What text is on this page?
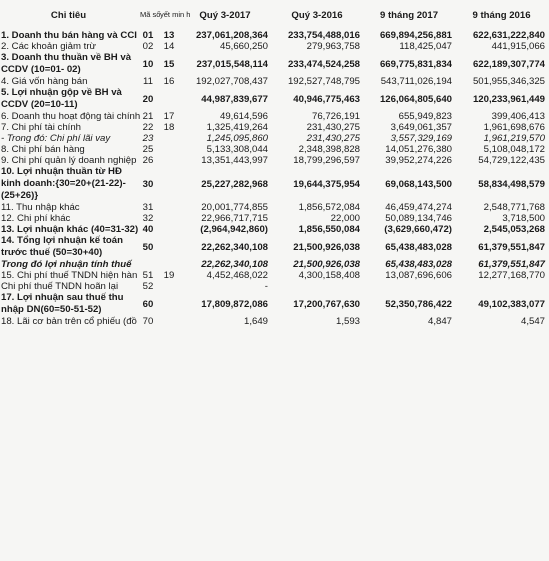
Chỉ tiêu	Mã số	yết min h	Quý 3-2017	Quý 3-2016	9 tháng 2017	9 tháng 2016
1. Doanh thu bán hàng và CCI	01	13	237,061,208,364	233,754,488,016	669,894,256,881	622,631,222,840
2. Các khoản giảm trừ	02	14	45,660,250	279,963,758	118,425,047	441,915,066
3. Doanh thu thuần về BH và CCDV (10=01- 02)	10	15	237,015,548,114	233,474,524,258	669,775,831,834	622,189,307,774
4. Giá vốn hàng bán	11	16	192,027,708,437	192,527,748,795	543,711,026,194	501,955,346,325
5. Lợi nhuận gộp về BH và CCDV (20=10-11)	20		44,987,839,677	40,946,775,463	126,064,805,640	120,233,961,449
6. Doanh thu hoạt động tài chính	21	17	49,614,596	76,726,191	655,949,823	399,406,413
7. Chi phí tài chính	22	18	1,325,419,264	231,430,275	3,649,061,357	1,961,698,676
- Trong đó: Chi phí lãi vay	23		1,245,095,860	231,430,275	3,557,329,169	1,961,219,570
8. Chi phí bán hàng	25		5,133,308,044	2,348,398,828	14,051,276,380	5,108,048,172
9. Chi phí quản lý doanh nghiệp	26		13,351,443,997	18,799,296,597	39,952,274,226	54,729,122,435
10. Lợi nhuận thuần từ HĐ kinh doanh:{30=20+(21-22)-(25+26)}	30		25,227,282,968	19,644,375,954	69,068,143,500	58,834,498,579
11. Thu nhập khác	31		20,001,774,855	1,856,572,084	46,459,474,274	2,548,771,768
12. Chi phí khác	32		22,966,717,715	22,000	50,089,134,746	3,718,500
13. Lợi nhuận khác (40=31-32)	40		(2,964,942,860)	1,856,550,084	(3,629,660,472)	2,545,053,268
14. Tổng lợi nhuận kế toán trước thuế (50=30+40)	50		22,262,340,108	21,500,926,038	65,438,483,028	61,379,551,847
Trong đó lợi nhuận tính thuế			22,262,340,108	21,500,926,038	65,438,483,028	61,379,551,847
15. Chi phí thuế TNDN hiện hàn	51	19	4,452,468,022	4,300,158,408	13,087,696,606	12,277,168,770
Chi phí thuế TNDN hoãn lại	52		-			
17. Lợi nhuận sau thuế thu nhập DN(60=50-51-52)	60		17,809,872,086	17,200,767,630	52,350,786,422	49,102,383,077
18. Lãi cơ bản trên cổ phiếu (đồ	70		1,649	1,593	4,847	4,547
